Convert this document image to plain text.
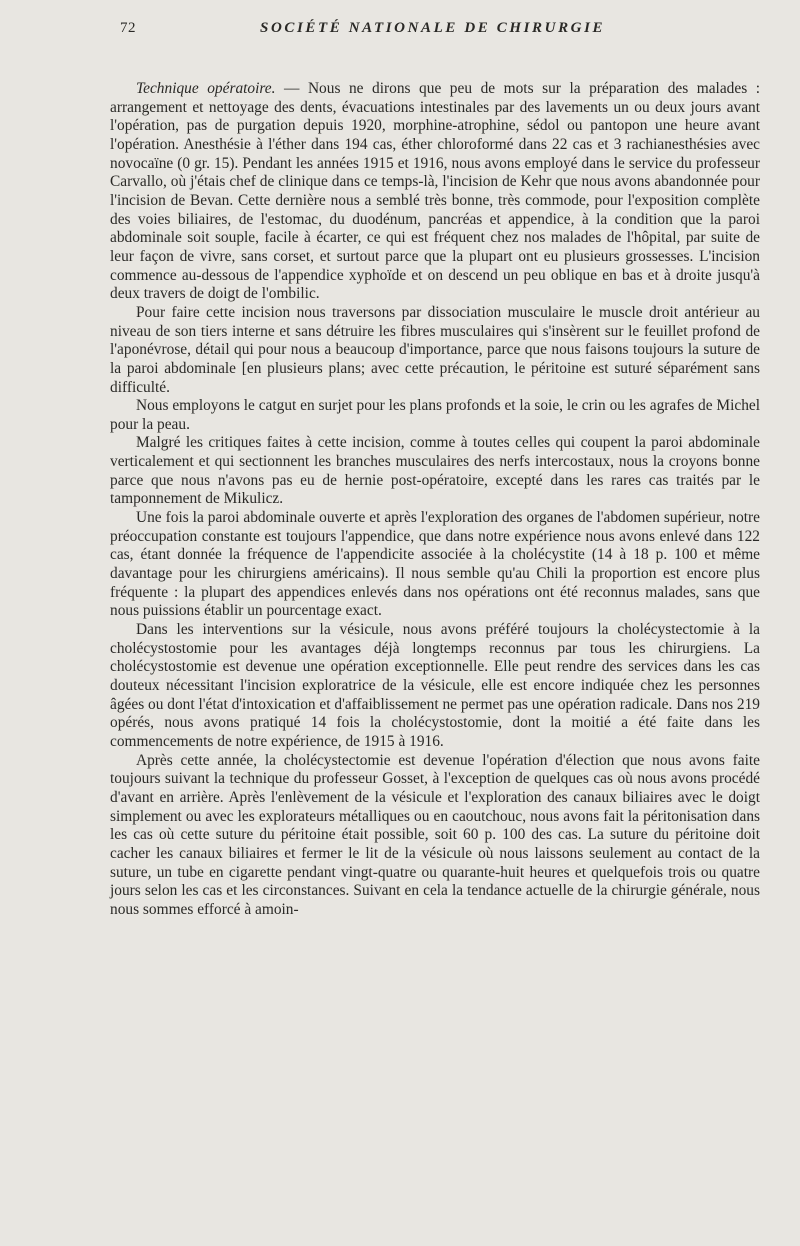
72	SOCIÉTÉ NATIONALE DE CHIRURGIE

Technique opératoire. — Nous ne dirons que peu de mots sur la préparation des malades : arrangement et nettoyage des dents, évacuations intestinales par des lavements un ou deux jours avant l'opération, pas de purgation depuis 1920, morphine-atrophine, sédol ou pantopon une heure avant l'opération. Anesthésie à l'éther dans 194 cas, éther chloroformé dans 22 cas et 3 rachianesthésies avec novocaïne (0 gr. 15). Pendant les années 1915 et 1916, nous avons employé dans le service du professeur Carvallo, où j'étais chef de clinique dans ce temps-là, l'incision de Kehr que nous avons abandonnée pour l'incision de Bevan. Cette dernière nous a semblé très bonne, très commode, pour l'exposition complète des voies biliaires, de l'estomac, du duodénum, pancréas et appendice, à la condition que la paroi abdominale soit souple, facile à écarter, ce qui est fréquent chez nos malades de l'hôpital, par suite de leur façon de vivre, sans corset, et surtout parce que la plupart ont eu plusieurs grossesses. L'incision commence au-dessous de l'appendice xyphoïde et on descend un peu oblique en bas et à droite jusqu'à deux travers de doigt de l'ombilic.

Pour faire cette incision nous traversons par dissociation musculaire le muscle droit antérieur au niveau de son tiers interne et sans détruire les fibres musculaires qui s'insèrent sur le feuillet profond de l'aponévrose, détail qui pour nous a beaucoup d'importance, parce que nous faisons toujours la suture de la paroi abdominale [en plusieurs plans; avec cette précaution, le péritoine est suturé séparément sans difficulté.

Nous employons le catgut en surjet pour les plans profonds et la soie, le crin ou les agrafes de Michel pour la peau.

Malgré les critiques faites à cette incision, comme à toutes celles qui coupent la paroi abdominale verticalement et qui sectionnent les branches musculaires des nerfs intercostaux, nous la croyons bonne parce que nous n'avons pas eu de hernie post-opératoire, excepté dans les rares cas traités par le tamponnement de Mikulicz.

Une fois la paroi abdominale ouverte et après l'exploration des organes de l'abdomen supérieur, notre préoccupation constante est toujours l'appendice, que dans notre expérience nous avons enlevé dans 122 cas, étant donnée la fréquence de l'appendicite associée à la cholécystite (14 à 18 p. 100 et même davantage pour les chirurgiens américains). Il nous semble qu'au Chili la proportion est encore plus fréquente : la plupart des appendices enlevés dans nos opérations ont été reconnus malades, sans que nous puissions établir un pourcentage exact.

Dans les interventions sur la vésicule, nous avons préféré toujours la cholécystectomie à la cholécystostomie pour les avantages déjà longtemps reconnus par tous les chirurgiens. La cholécystostomie est devenue une opération exceptionnelle. Elle peut rendre des services dans les cas douteux nécessitant l'incision exploratrice de la vésicule, elle est encore indiquée chez les personnes âgées ou dont l'état d'intoxication et d'affaiblissement ne permet pas une opération radicale. Dans nos 219 opérés, nous avons pratiqué 14 fois la cholécystostomie, dont la moitié a été faite dans les commencements de notre expérience, de 1915 à 1916.

Après cette année, la cholécystectomie est devenue l'opération d'élection que nous avons faite toujours suivant la technique du professeur Gosset, à l'exception de quelques cas où nous avons procédé d'avant en arrière. Après l'enlèvement de la vésicule et l'exploration des canaux biliaires avec le doigt simplement ou avec les explorateurs métalliques ou en caoutchouc, nous avons fait la péritonisation dans les cas où cette suture du péritoine était possible, soit 60 p. 100 des cas. La suture du péritoine doit cacher les canaux biliaires et fermer le lit de la vésicule où nous laissons seulement au contact de la suture, un tube en cigarette pendant vingt-quatre ou quarante-huit heures et quelquefois trois ou quatre jours selon les cas et les circonstances. Suivant en cela la tendance actuelle de la chirurgie générale, nous nous sommes efforcé à amoin-
